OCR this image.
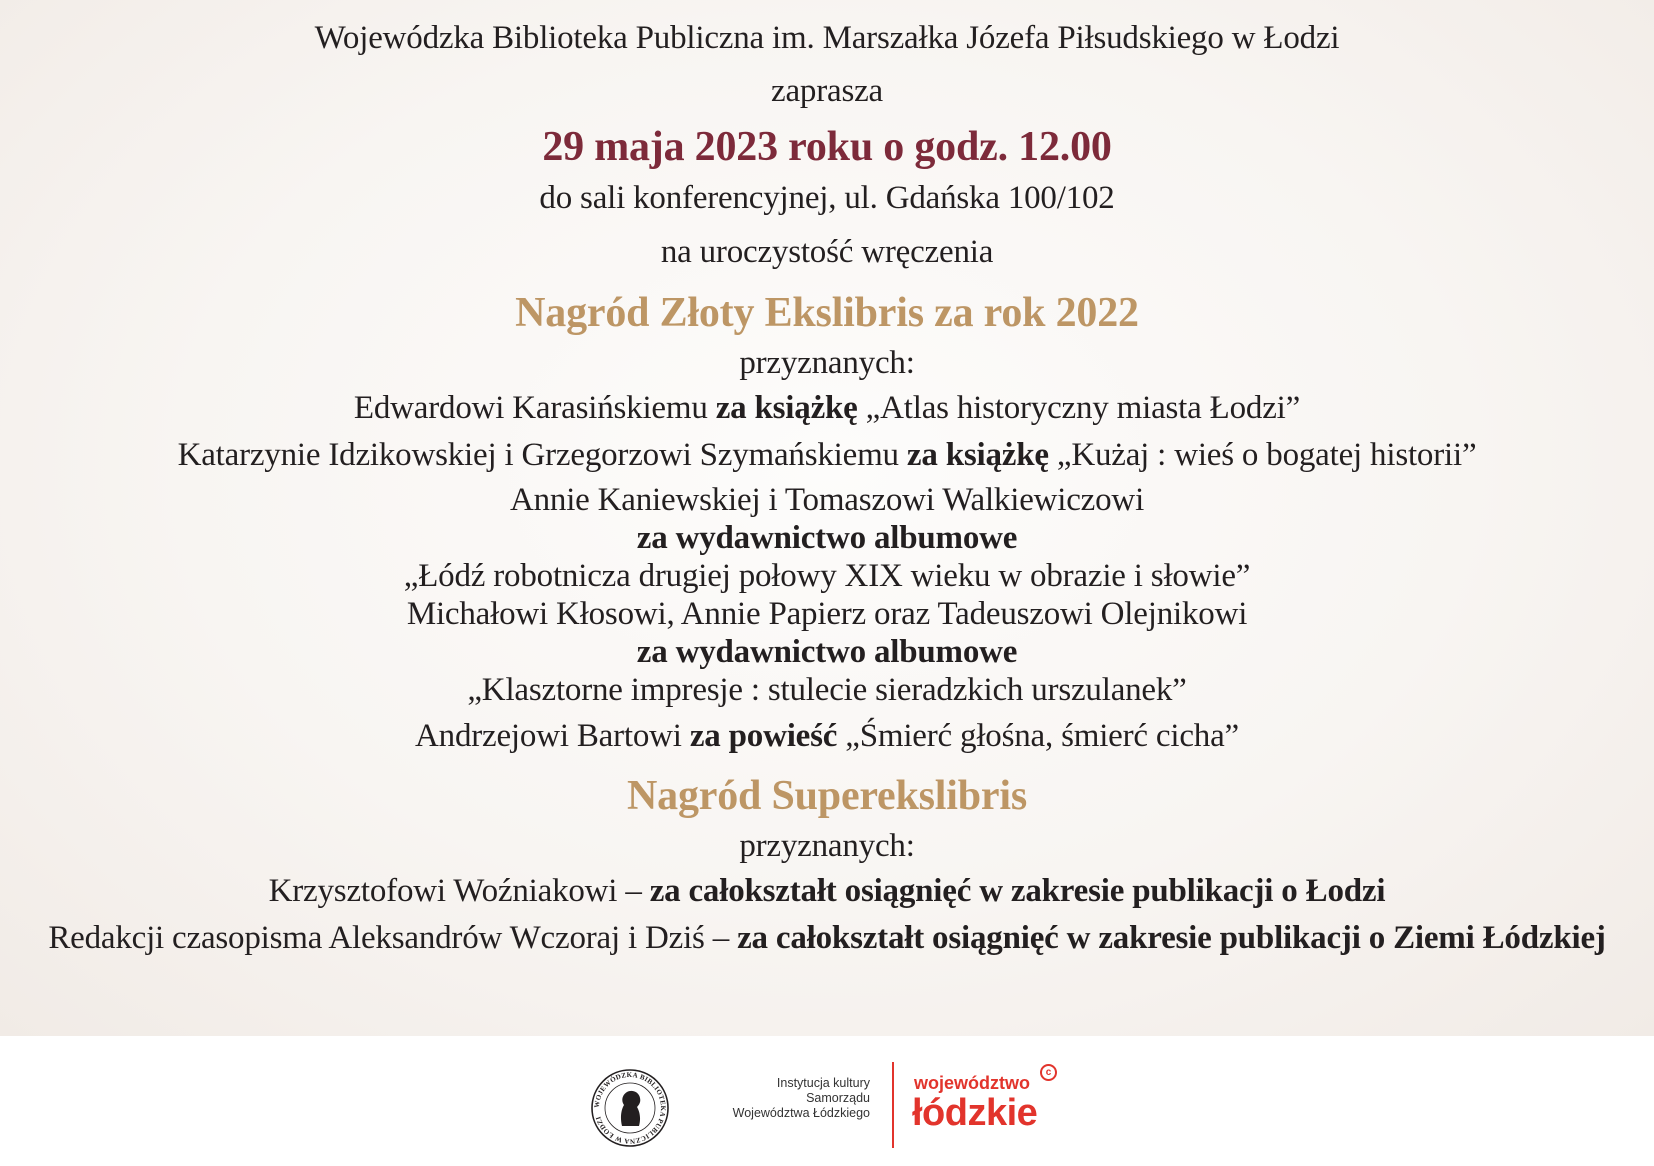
Wojewódzka Biblioteka Publiczna im. Marszałka Józefa Piłsudskiego w Łodzi
zaprasza
29 maja 2023 roku o godz. 12.00
do sali konferencyjnej, ul. Gdańska 100/102
na uroczystość wręczenia
Nagród Złoty Ekslibris za rok 2022
przyznanych:
Edwardowi Karasińskiemu za książkę „Atlas historyczny miasta Łodzi”
Katarzynie Idzikowskiej i Grzegorzowi Szymańskiemu za książkę „Kużaj : wieś o bogatej historii”
Annie Kaniewskiej i Tomaszowi Walkiewiczowi
za wydawnictwo albumowe
„Łódź robotnicza drugiej połowy XIX wieku w obrazie i słowie”
Michałowi Kłosowi, Annie Papierz oraz Tadeuszowi Olejnikowi
za wydawnictwo albumowe
„Klasztorne impresje : stulecie sieradzkich urszulanek”
Andrzejowi Bartowi za powieść „Śmierć głośna, śmierć cicha”
Nagród Superekslibris
przyznanych:
Krzysztofowi Woźniakowi – za całokształt osiągnięć w zakresie publikacji o Łodzi
Redakcji czasopisma Aleksandrów Wczoraj i Dziś – za całokształt osiągnięć w zakresie publikacji o Ziemi Łódzkiej
WOJEWÓDZKA BIBLIOTEKA PUBLICZNA W ŁODZI
Instytucja kultury
Samorządu
Województwa Łódzkiego
województwo
łódzkie
c
